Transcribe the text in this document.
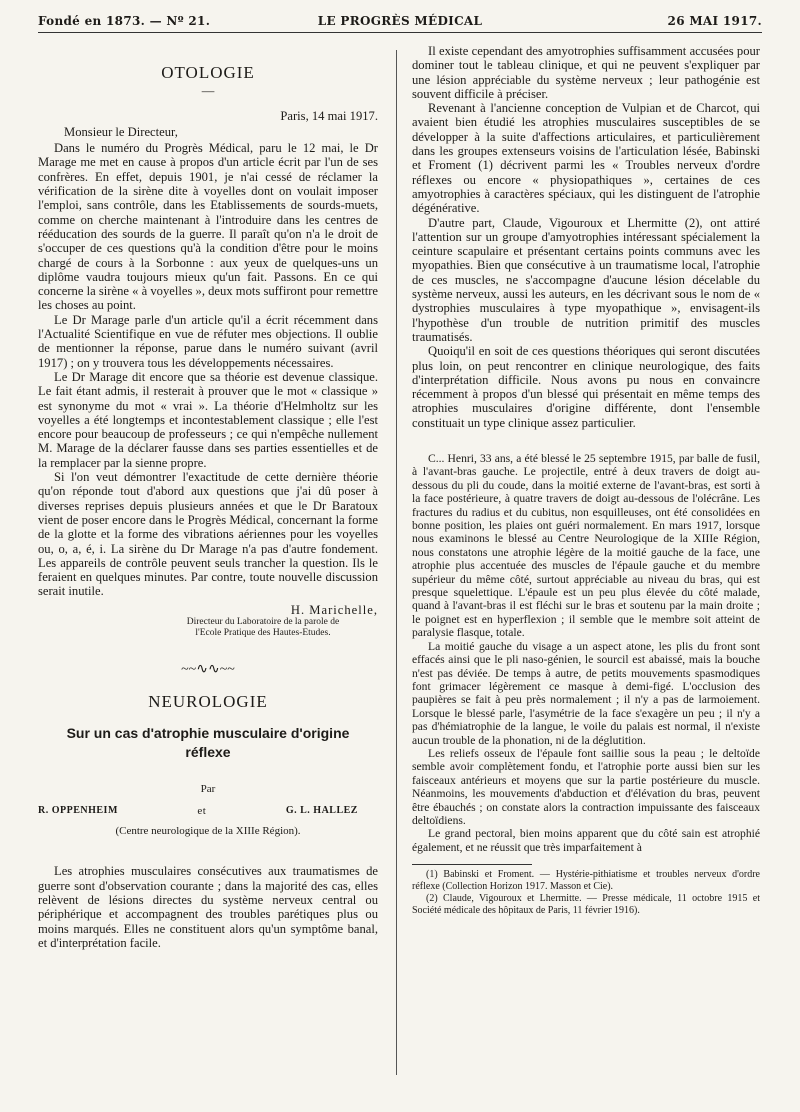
Fondé en 1873. — Nº 21.	LE PROGRÈS MÉDICAL	26 MAI 1917.

OTOLOGIE

—

Paris, 14 mai 1917.

Monsieur le Directeur,

Dans le numéro du Progrès Médical, paru le 12 mai, le Dr Marage me met en cause à propos d'un article écrit par l'un de ses confrères. En effet, depuis 1901, je n'ai cessé de réclamer la vérification de la sirène dite à voyelles dont on voulait imposer l'emploi, sans contrôle, dans les Etablissements de sourds-muets, comme on cherche maintenant à l'introduire dans les centres de rééducation des sourds de la guerre. Il paraît qu'on n'a le droit de s'occuper de ces questions qu'à la condition d'être pour le moins chargé de cours à la Sorbonne : aux yeux de quelques-uns un diplôme vaudra toujours mieux qu'un fait. Passons. En ce qui concerne la sirène « à voyelles », deux mots suffiront pour remettre les choses au point.

Le Dr Marage parle d'un article qu'il a écrit récemment dans l'Actualité Scientifique en vue de réfuter mes objections. Il oublie de mentionner la réponse, parue dans le numéro suivant (avril 1917) ; on y trouvera tous les développements nécessaires.

Le Dr Marage dit encore que sa théorie est devenue classique. Le fait étant admis, il resterait à prouver que le mot « classique » est synonyme du mot « vrai ». La théorie d'Helmholtz sur les voyelles a été longtemps et incontestablement classique ; elle l'est encore pour beaucoup de professeurs ; ce qui n'empêche nullement M. Marage de la déclarer fausse dans ses parties essentielles et de la remplacer par la sienne propre.

Si l'on veut démontrer l'exactitude de cette dernière théorie qu'on réponde tout d'abord aux questions que j'ai dû poser à diverses reprises depuis plusieurs années et que le Dr Baratoux vient de poser encore dans le Progrès Médical, concernant la forme de la glotte et la forme des vibrations aériennes pour les voyelles ou, o, a, é, i. La sirène du Dr Marage n'a pas d'autre fondement. Les appareils de contrôle peuvent seuls trancher la question. Ils le feraient en quelques minutes. Par contre, toute nouvelle discussion serait inutile.

H. Marichelle,

Directeur du Laboratoire de la parole de

l'Ecole Pratique des Hautes-Etudes.

~~∿∿~~

NEUROLOGIE

Sur un cas d'atrophie musculaire d'origine réflexe

Par

R. OPPENHEIM	et	G. L. HALLEZ

(Centre neurologique de la XIIIe Région).

Les atrophies musculaires consécutives aux traumatismes de guerre sont d'observation courante ; dans la majorité des cas, elles relèvent de lésions directes du système nerveux central ou périphérique et accompagnent des troubles parétiques plus ou moins marqués. Elles ne constituent alors qu'un symptôme banal, et d'interprétation facile.

Il existe cependant des amyotrophies suffisamment accusées pour dominer tout le tableau clinique, et qui ne peuvent s'expliquer par une lésion appréciable du système nerveux ; leur pathogénie est souvent difficile à préciser.

Revenant à l'ancienne conception de Vulpian et de Charcot, qui avaient bien étudié les atrophies musculaires susceptibles de se développer à la suite d'affections articulaires, et particulièrement dans les groupes extenseurs voisins de l'articulation lésée, Babinski et Froment (1) décrivent parmi les « Troubles nerveux d'ordre réflexes ou encore « physiopathiques », certaines de ces amyotrophies à caractères spéciaux, qui les distinguent de l'atrophie dégénérative.

D'autre part, Claude, Vigouroux et Lhermitte (2), ont attiré l'attention sur un groupe d'amyotrophies intéressant spécialement la ceinture scapulaire et présentant certains points communs avec les myopathies. Bien que consécutive à un traumatisme local, l'atrophie de ces muscles, ne s'accompagne d'aucune lésion décelable du système nerveux, aussi les auteurs, en les décrivant sous le nom de « dystrophies musculaires à type myopathique », envisagent-ils l'hypothèse d'un trouble de nutrition primitif des muscles traumatisés.

Quoiqu'il en soit de ces questions théoriques qui seront discutées plus loin, on peut rencontrer en clinique neurologique, des faits d'interprétation difficile. Nous avons pu nous en convaincre récemment à propos d'un blessé qui présentait en même temps des atrophies musculaires d'origine différente, dont l'ensemble constituait un type clinique assez particulier.

C... Henri, 33 ans, a été blessé le 25 septembre 1915, par balle de fusil, à l'avant-bras gauche. Le projectile, entré à deux travers de doigt au-dessous du pli du coude, dans la moitié externe de l'avant-bras, est sorti à la face postérieure, à quatre travers de doigt au-dessous de l'olécrâne. Les fractures du radius et du cubitus, non esquilleuses, ont été consolidées en bonne position, les plaies ont guéri normalement. En mars 1917, lorsque nous examinons le blessé au Centre Neurologique de la XIIIe Région, nous constatons une atrophie légère de la moitié gauche de la face, une atrophie plus accentuée des muscles de l'épaule gauche et du membre supérieur du même côté, surtout appréciable au niveau du bras, qui est presque squelettique. L'épaule est un peu plus élevée du côté malade, quand à l'avant-bras il est fléchi sur le bras et soutenu par la main droite ; le poignet est en hyperflexion ; il semble que le membre soit atteint de paralysie flasque, totale.

La moitié gauche du visage a un aspect atone, les plis du front sont effacés ainsi que le pli naso-génien, le sourcil est abaissé, mais la bouche n'est pas déviée. De temps à autre, de petits mouvements spasmodiques font grimacer légèrement ce masque à demi-figé. L'occlusion des paupières se fait à peu près normalement ; il n'y a pas de larmoiement. Lorsque le blessé parle, l'asymétrie de la face s'exagère un peu ; il n'y a pas d'hémiatrophie de la langue, le voile du palais est normal, il n'existe aucun trouble de la phonation, ni de la déglutition.

Les reliefs osseux de l'épaule font saillie sous la peau ; le deltoïde semble avoir complètement fondu, et l'atrophie porte aussi bien sur les faisceaux antérieurs et moyens que sur la partie postérieure du muscle. Néanmoins, les mouvements d'abduction et d'élévation du bras, peuvent être ébauchés ; on constate alors la contraction impuissante des faisceaux deltoïdiens.

Le grand pectoral, bien moins apparent que du côté sain est atrophié également, et ne réussit que très imparfaitement à

(1) Babinski et Froment. — Hystérie-pithiatisme et troubles nerveux d'ordre réflexe (Collection Horizon 1917. Masson et Cie).

(2) Claude, Vigouroux et Lhermitte. — Presse médicale, 11 octobre 1915 et Société médicale des hôpitaux de Paris, 11 février 1916).
